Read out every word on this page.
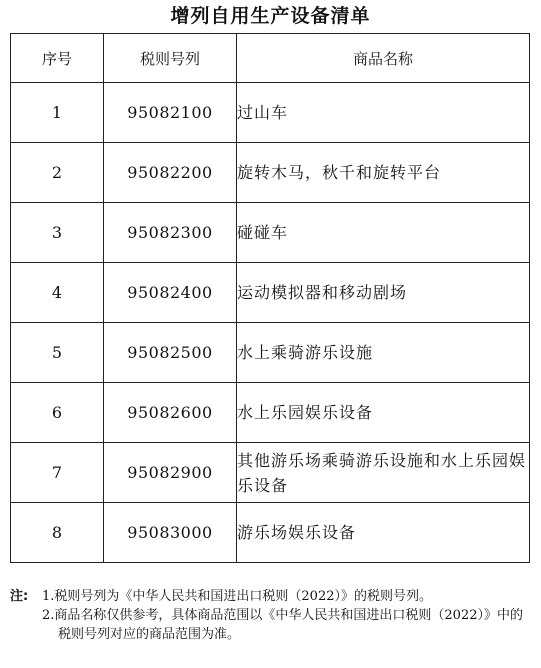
增列自用生产设备清单
序号	税则号列	商品名称
1	95082100	过山车
2	95082200	旋转木马，秋千和旋转平台
3	95082300	碰碰车
4	95082400	运动模拟器和移动剧场
5	95082500	水上乘骑游乐设施
6	95082600	水上乐园娱乐设备
7	95082900	其他游乐场乘骑游乐设施和水上乐园娱乐设备
8	95083000	游乐场娱乐设备
注: 1.税则号列为《中华人民共和国进出口税则（2022）》的税则号列。
2.商品名称仅供参考，具体商品范围以《中华人民共和国进出口税则（2022）》中的税则号列对应的商品范围为准。
